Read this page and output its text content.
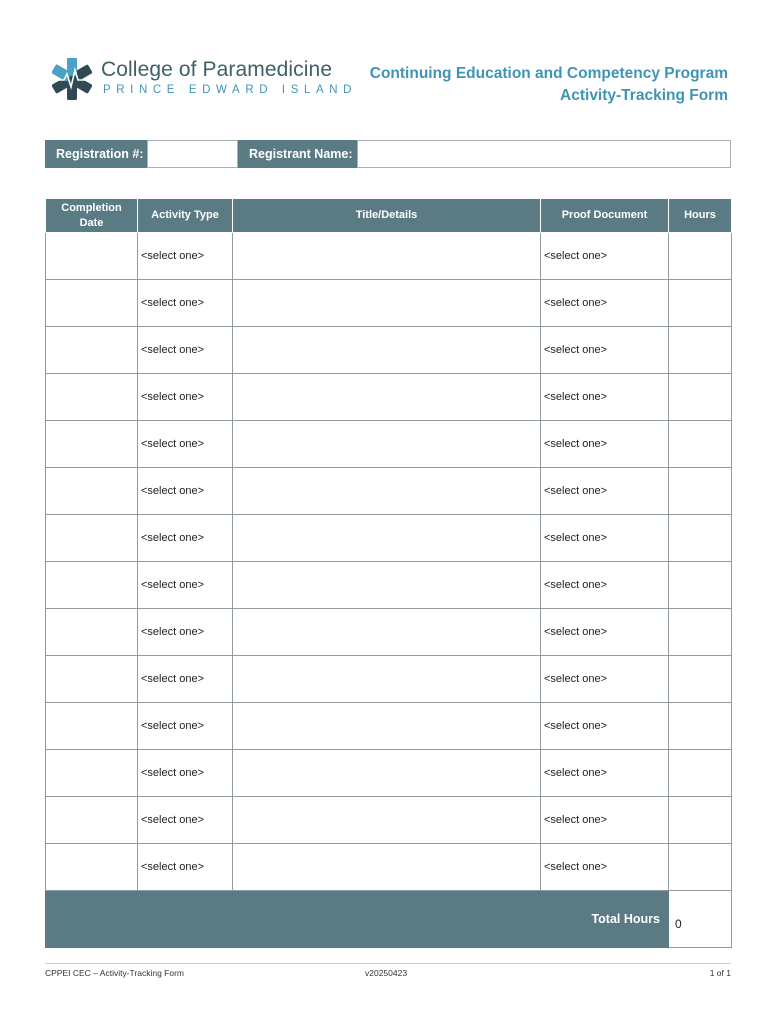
College of Paramedicine
PRINCE EDWARD ISLAND
Continuing Education and Competency Program
Activity-Tracking Form
Registration #:	Registrant Name:
Completion Date	Activity Type	Title/Details	Proof Document	Hours
	<select one>		<select one>	
	<select one>		<select one>	
	<select one>		<select one>	
	<select one>		<select one>	
	<select one>		<select one>	
	<select one>		<select one>	
	<select one>		<select one>	
	<select one>		<select one>	
	<select one>		<select one>	
	<select one>		<select one>	
	<select one>		<select one>	
	<select one>		<select one>	
	<select one>		<select one>	
	<select one>		<select one>	
Total Hours				0
CPPEI CEC – Activity-Tracking Form	v20250423	1 of 1
